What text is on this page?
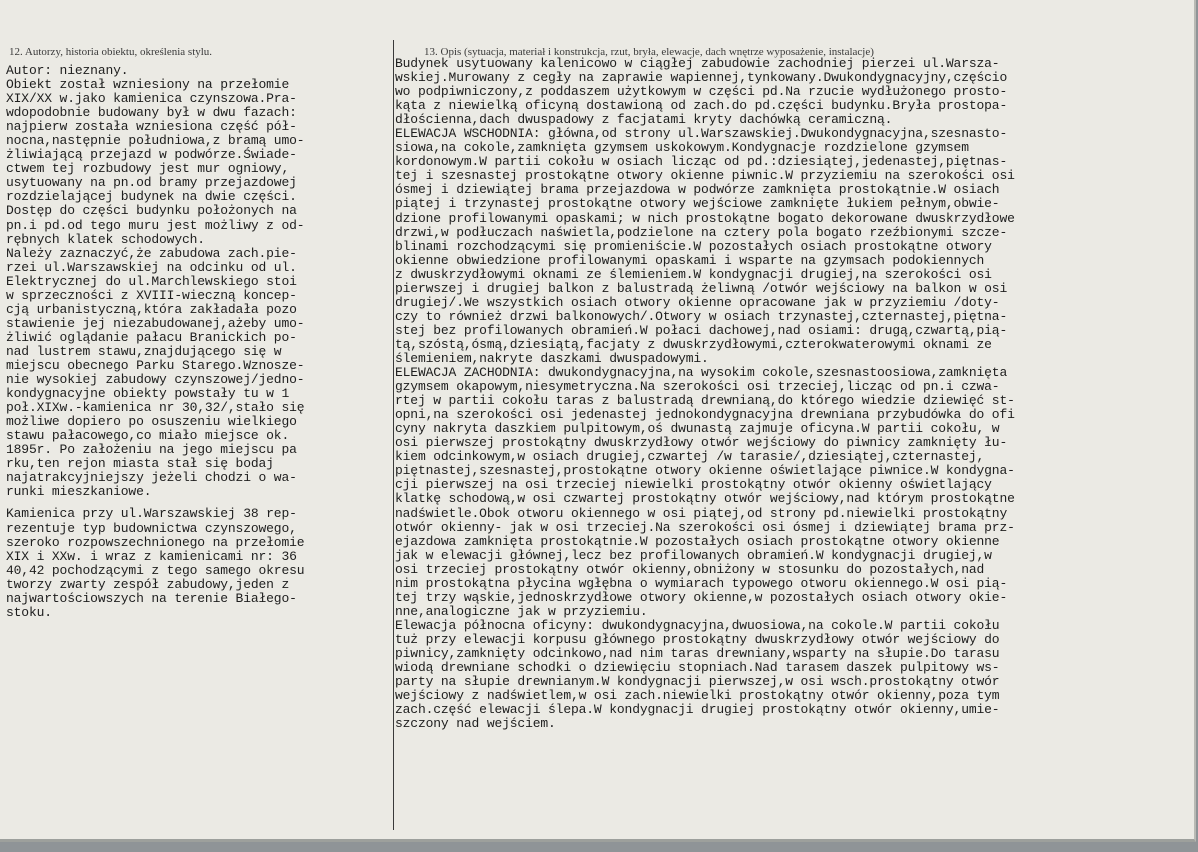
12. Autorzy, historia obiektu, określenia stylu.	13. Opis (sytuacja, materiał i konstrukcja, rzut, bryła, elewacje, dach wnętrze wyposażenie, instalacje)
Autor: nieznany.
Obiekt został wzniesiony na przełomie
XIX/XX w.jako kamienica czynszowa.Pra-
wdopodobnie budowany był w dwu fazach:
najpierw została wzniesiona część pół-
nocna,następnie południowa,z bramą umo-
żliwiającą przejazd w podwórze.Świade-
ctwem tej rozbudowy jest mur ogniowy,
usytuowany na pn.od bramy przejazdowej
rozdzielającej budynek na dwie części.
Dostęp do części budynku położonych na
pn.i pd.od tego muru jest możliwy z od-
rębnych klatek schodowych.
Należy zaznaczyć,że zabudowa zach.pie-
rzei ul.Warszawskiej na odcinku od ul.
Elektrycznej do ul.Marchlewskiego stoi
w sprzeczności z XVIII-wieczną koncep-
cją urbanistyczną,która zakładała pozo
stawienie jej niezabudowanej,ażeby umo-
żliwić oglądanie pałacu Branickich po-
nad lustrem stawu,znajdującego się w
miejscu obecnego Parku Starego.Wznosze-
nie wysokiej zabudowy czynszowej/jedno-
kondygnacyjne obiekty powstały tu w 1
poł.XIXw.-kamienica nr 30,32/,stało się
możliwe dopiero po osuszeniu wielkiego
stawu pałacowego,co miało miejsce ok.
1895r. Po założeniu na jego miejscu pa
rku,ten rejon miasta stał się bodaj
najatrakcyjniejszy jeżeli chodzi o wa-
runki mieszkaniowe.
Kamienica przy ul.Warszawskiej 38 rep-
rezentuje typ budownictwa czynszowego,
szeroko rozpowszechnionego na przełomie
XIX i XXw. i wraz z kamienicami nr: 36
40,42 pochodzącymi z tego samego okresu
tworzy zwarty zespół zabudowy,jeden z
najwartościowszych na terenie Białego-
stoku.
Budynek usytuowany kalenicowo w ciągłej zabudowie zachodniej pierzei ul.Warsza-
wskiej.Murowany z cegły na zaprawie wapiennej,tynkowany.Dwukondygnacyjny,częścio
wo podpiwniczony,z poddaszem użytkowym w części pd.Na rzucie wydłużonego prosto-
kąta z niewielką oficyną dostawioną od zach.do pd.części budynku.Bryła prostopa-
dłościenna,dach dwuspadowy z facjatami kryty dachówką ceramiczną.
ELEWACJA WSCHODNIA: główna,od strony ul.Warszawskiej.Dwukondygnacyjna,szesnasto-
siowa,na cokole,zamknięta gzymsem uskokowym.Kondygnacje rozdzielone gzymsem
kordonowym.W partii cokołu w osiach licząc od pd.:dziesiątej,jedenastej,piętnas-
tej i szesnastej prostokątne otwory okienne piwnic.W przyziemiu na szerokości osi
ósmej i dziewiątej brama przejazdowa w podwórze zamknięta prostokątnie.W osiach
piątej i trzynastej prostokątne otwory wejściowe zamknięte łukiem pełnym,obwie-
dzione profilowanymi opaskami; w nich prostokątne bogato dekorowane dwuskrzydłowe
drzwi,w podłuczach naświetla,podzielone na cztery pola bogato rzeźbionymi szcze-
blinami rozchodzącymi się promieniście.W pozostałych osiach prostokątne otwory
okienne obwiedzione profilowanymi opaskami i wsparte na gzymsach podokiennych
z dwuskrzydłowymi oknami ze ślemieniem.W kondygnacji drugiej,na szerokości osi
pierwszej i drugiej balkon z balustradą żeliwną /otwór wejściowy na balkon w osi
drugiej/.We wszystkich osiach otwory okienne opracowane jak w przyziemiu /doty-
czy to również drzwi balkonowych/.Otwory w osiach trzynastej,czternastej,piętna-
stej bez profilowanych obramień.W połaci dachowej,nad osiami: drugą,czwartą,pią-
tą,szóstą,ósmą,dziesiątą,facjaty z dwuskrzydłowymi,czterokwaterowymi oknami ze
ślemieniem,nakryte daszkami dwuspadowymi.
ELEWACJA ZACHODNIA: dwukondygnacyjna,na wysokim cokole,szesnastoosiowa,zamknięta
gzymsem okapowym,niesymetryczna.Na szerokości osi trzeciej,licząc od pn.i czwa-
rtej w partii cokołu taras z balustradą drewnianą,do którego wiedzie dziewięć st-
opni,na szerokości osi jedenastej jednokondygnacyjna drewniana przybudówka do ofi
cyny nakryta daszkiem pulpitowym,oś dwunastą zajmuje oficyna.W partii cokołu, w
osi pierwszej prostokątny dwuskrzydłowy otwór wejściowy do piwnicy zamknięty łu-
kiem odcinkowym,w osiach drugiej,czwartej /w tarasie/,dziesiątej,czternastej,
piętnastej,szesnastej,prostokątne otwory okienne oświetlające piwnice.W kondygna-
cji pierwszej na osi trzeciej niewielki prostokątny otwór okienny oświetlający
klatkę schodową,w osi czwartej prostokątny otwór wejściowy,nad którym prostokątne
nadświetle.Obok otworu okiennego w osi piątej,od strony pd.niewielki prostokątny
otwór okienny- jak w osi trzeciej.Na szerokości osi ósmej i dziewiątej brama prz-
ejazdowa zamknięta prostokątnie.W pozostałych osiach prostokątne otwory okienne
jak w elewacji głównej,lecz bez profilowanych obramień.W kondygnacji drugiej,w
osi trzeciej prostokątny otwór okienny,obniżony w stosunku do pozostałych,nad
nim prostokątna płycina wgłębna o wymiarach typowego otworu okiennego.W osi pią-
tej trzy wąskie,jednoskrzydłowe otwory okienne,w pozostałych osiach otwory okie-
nne,analogiczne jak w przyziemiu.
Elewacja północna oficyny: dwukondygnacyjna,dwuosiowa,na cokole.W partii cokołu
tuż przy elewacji korpusu głównego prostokątny dwuskrzydłowy otwór wejściowy do
piwnicy,zamknięty odcinkowo,nad nim taras drewniany,wsparty na słupie.Do tarasu
wiodą drewniane schodki o dziewięciu stopniach.Nad tarasem daszek pulpitowy ws-
party na słupie drewnianym.W kondygnacji pierwszej,w osi wsch.prostokątny otwór
wejściowy z nadświetlem,w osi zach.niewielki prostokątny otwór okienny,poza tym
zach.część elewacji ślepa.W kondygnacji drugiej prostokątny otwór okienny,umie-
szczony nad wejściem.
